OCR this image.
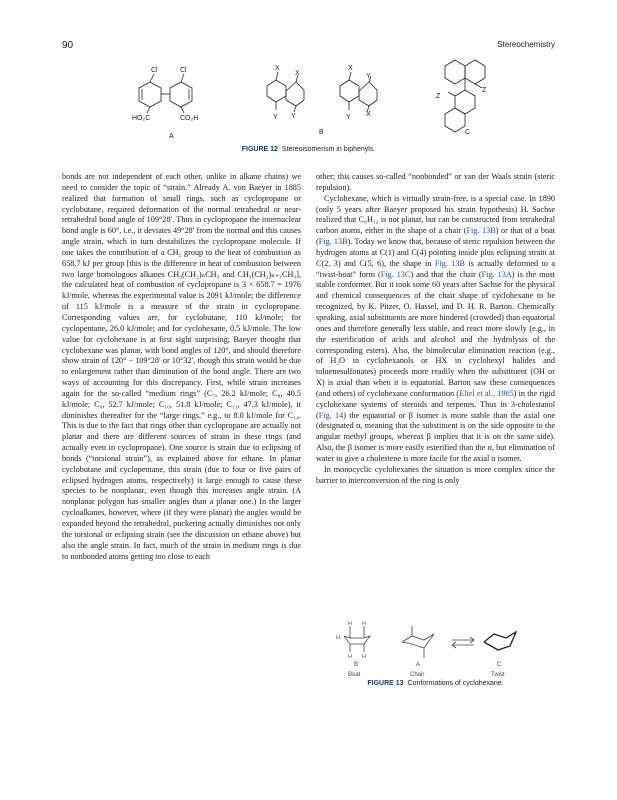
90	Stereochemistry
Cl	Cl
HO₂C	CO₂H
X
X
Y Y
X
Y
Y X
Z
Z
A
B	C
FIGURE 12 Stereoisomerism in biphenyls.

bonds are not independent of each other, unlike in alkane chains) we need to consider the topic of “strain.” Already A. von Baeyer in 1885 realized that formation of small rings, such as cyclopropane or cyclobutane, required deformation of the normal tetrahedral or near-tetrahedral bond angle of 109°28′. Thus in cyclopropane the internuclear bond angle is 60°, i.e., it deviates 49°28′ from the normal and this causes angle strain, which in turn destabilizes the cyclopropane molecule. If one takes the contribution of a CH₂ group to the heat of combustion as 658.7 kJ per group [this is the difference in heat of combustion between two large homologous alkanes CH₃(CH₂)ₙCH₃ and CH₃(CH₂)ₙ₊₁CH₃], the calculated heat of combustion of cyclopropane is 3 × 658.7 = 1976 kJ/mole, whereas the experimental value is 2091 kJ/mole; the difference of 115 kJ/mole is a measure of the strain in cyclopropane. Corresponding values are, for cyclobutane, 110 kJ/mole; for cyclopentane, 26.0 kJ/mole; and for cyclohexane, 0.5 kJ/mole. The low value for cyclohexane is at first sight surprising; Baeyer thought that cyclohexane was planar, with bond angles of 120°, and should therefore show strain of 120° − 109°28′ or 10°32′, though this strain would be due to enlargement rather than diminution of the bond angle. There are two ways of accounting for this discrepancy. First, while strain increases again for the so-called “medium rings” (C₇, 26.2 kJ/mole; C₈, 40.5 kJ/mole; C₉, 52.7 kJ/mole; C₁₀, 51.8 kJ/mole; C₁₁, 47.3 kJ/mole), it diminishes thereafter for the “large rings,” e.g., to 8.0 kJ/mole for C₁₄. This is due to the fact that rings other than cyclopropane are actually not planar and there are different sources of strain in these rings (and actually even in cyclopropane). One source is strain due to eclipsing of bonds (“torsional strain”), as explained above for ethane. In planar cyclobutane and cyclopentane, this strain (due to four or five pairs of eclipsed hydrogen atoms, respectively) is large enough to cause these species to be nonplanar, even though this increases angle strain. (A nonplanar polygon has smaller angles than a planar one.) In the larger cycloalkanes, however, where (if they were planar) the angles would be expanded beyond the tetrahedral, puckering actually diminishes not only the torsional or eclipsing strain (see the discussion on ethane above) but also the angle strain. In fact, much of the strain in medium rings is due to nonbonded atoms getting too close to each

other; this causes so-called “nonbonded” or van der Waals strain (steric repulsion).

Cyclohexane, which is virtually strain-free, is a special case. In 1890 (only 5 years after Baeyer proposed his strain hypothesis) H. Sachse realized that C₆H₁₂ is not planar, but can be constructed from tetrahedral carbon atoms, either in the shape of a chair (Fig. 13B) or that of a boat (Fig. 13B). Today we know that, because of steric repulsion between the hydrogen atoms at C(1) and C(4) pointing inside plus eclipsing strain at C(2, 3) and C(5, 6), the shape in Fig. 13B is actually deformed to a “twist-boat” form (Fig. 13C) and that the chair (Fig. 13A) is the most stable conformer. But it took some 60 years after Sachse for the physical and chemical consequences of the chair shape of cyclohexane to be recognized, by K. Pitzer, O. Hassel, and D. H. R. Barton. Chemically speaking, axial substituents are more hindered (crowded) than equatorial ones and therefore generally less stable, and react more slowly (e.g., in the esterification of acids and alcohol and the hydrolysis of the corresponding esters). Also, the bimolecular elimination reaction (e.g., of H₂O in cyclohexanols or HX in cyclohexyl halides and toluenesulfonates) proceeds more readily when the substituent (OH or X) is axial than when it is equatorial. Barton saw these consequences (and others) of cyclohexane conformation (Eliel et al., 1965) in the rigid cyclohexane systems of steroids and terpenes. Thus in 3-cholestanol (Fig. 14) the equatorial or β isomer is more stable than the axial one (designated α, meaning that the substituent is on the side opposite to the angular methyl groups, whereas β implies that it is on the same side). Also, the β isomer is more easily esterified than the α, but elimination of water to give a cholestene is more facile for the axial α isomer.

In monocyclic cyclohexanes the situation is more complex since the barrier to interconversion of the ring is only

H H
H
H H
B	A	C
Boat	Chair	Twist
FIGURE 13 Conformations of cyclohexane.
